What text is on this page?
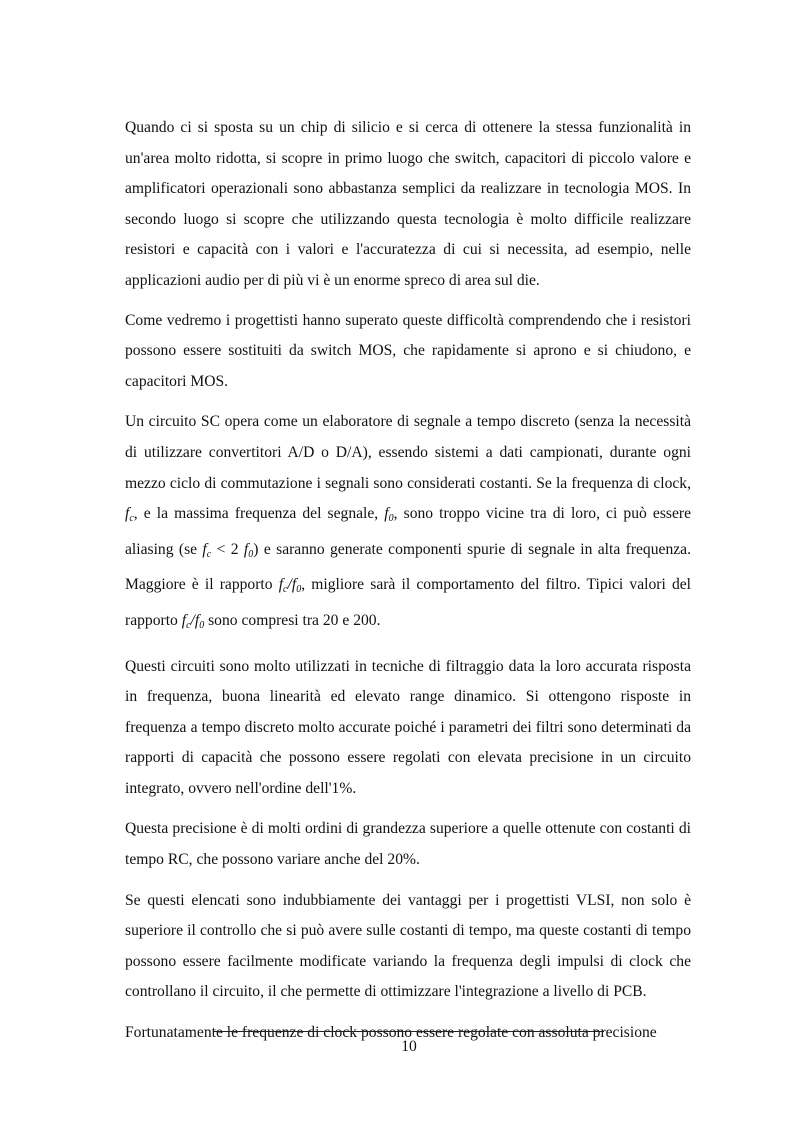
Quando ci si sposta su un chip di silicio e si cerca di ottenere la stessa funzionalità in un'area molto ridotta, si scopre in primo luogo che switch, capacitori di piccolo valore e amplificatori operazionali sono abbastanza semplici da realizzare in tecnologia MOS. In secondo luogo si scopre che utilizzando questa tecnologia è molto difficile realizzare resistori e capacità con i valori e l'accuratezza di cui si necessita, ad esempio, nelle applicazioni audio per di più vi è un enorme spreco di area sul die.

Come vedremo i progettisti hanno superato queste difficoltà comprendendo che i resistori possono essere sostituiti da switch MOS, che rapidamente si aprono e si chiudono, e capacitori MOS.

Un circuito SC opera come un elaboratore di segnale a tempo discreto (senza la necessità di utilizzare convertitori A/D o D/A), essendo sistemi a dati campionati, durante ogni mezzo ciclo di commutazione i segnali sono considerati costanti. Se la frequenza di clock, $f_c$, e la massima frequenza del segnale, $f_0$, sono troppo vicine tra di loro, ci può essere aliasing (se $f_c < 2$ $f_0$) e saranno generate componenti spurie di segnale in alta frequenza. Maggiore è il rapporto $f_c/f_0$, migliore sarà il comportamento del filtro. Tipici valori del rapporto $f_c/f_0$ sono compresi tra 20 e 200.

Questi circuiti sono molto utilizzati in tecniche di filtraggio data la loro accurata risposta in frequenza, buona linearità ed elevato range dinamico. Si ottengono risposte in frequenza a tempo discreto molto accurate poiché i parametri dei filtri sono determinati da rapporti di capacità che possono essere regolati con elevata precisione in un circuito integrato, ovvero nell'ordine dell'1%.

Questa precisione è di molti ordini di grandezza superiore a quelle ottenute con costanti di tempo RC, che possono variare anche del 20%.

Se questi elencati sono indubbiamente dei vantaggi per i progettisti VLSI, non solo è superiore il controllo che si può avere sulle costanti di tempo, ma queste costanti di tempo possono essere facilmente modificate variando la frequenza degli impulsi di clock che controllano il circuito, il che permette di ottimizzare l'integrazione a livello di PCB.

Fortunatamente le frequenze di clock possono essere regolate con assoluta precisione

10
